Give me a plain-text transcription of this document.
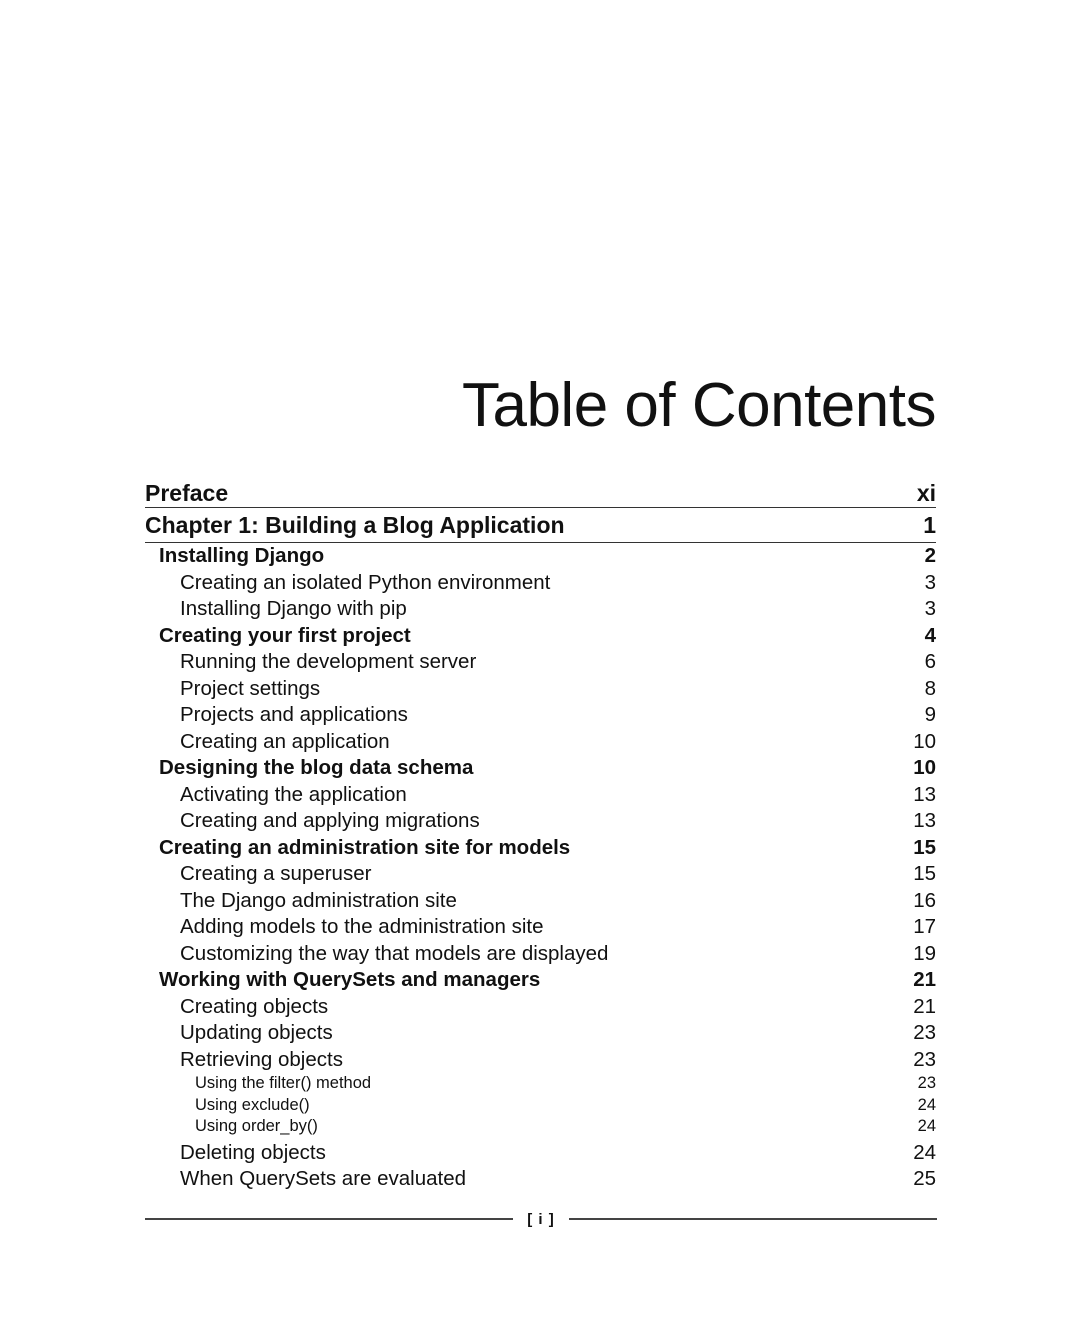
Table of Contents
Preface	xi
Chapter 1: Building a Blog Application	1
Installing Django	2
Creating an isolated Python environment	3
Installing Django with pip	3
Creating your first project	4
Running the development server	6
Project settings	8
Projects and applications	9
Creating an application	10
Designing the blog data schema	10
Activating the application	13
Creating and applying migrations	13
Creating an administration site for models	15
Creating a superuser	15
The Django administration site	16
Adding models to the administration site	17
Customizing the way that models are displayed	19
Working with QuerySets and managers	21
Creating objects	21
Updating objects	23
Retrieving objects	23
Using the filter() method	23
Using exclude()	24
Using order_by()	24
Deleting objects	24
When QuerySets are evaluated	25
[ i ]
